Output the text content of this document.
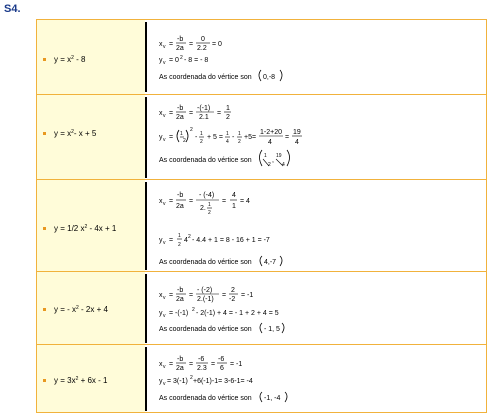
S4.
$y = x^2 - 8$
x v =
-b
2a
=
0
2.2
= 0
y v = 0 2 - 8 = - 8
As coordenada do vértice son 0,-8
$y = x^2-$ x + 5
x v =
-b
2a
=
-(-1)
2.1
=
1
2
y v = 1
2
2
- 1
2
+ 5 = 1
4
- 1
2
+5=
1-2+20
4
=
19
4
As coordenada do vértice son
1
2
,
19
4
y = 1/2 $x^2 - 4x + 1$
x v =
-b
2a
=
- (-4)
2. 1
2
=
4
1
= 4
y v =
1
2
4 2 - 4.4 + 1 = 8 - 16 + 1 = -7
As coordenada do vértice son 4,-7
y = - $x^2 - 2x + 4$
x v =
-b
2a
=
- (-2)
2.(-1)
=
2
-2
= -1
y v = -(-1) 2 - 2(-1) + 4 = - 1 + 2 + 4 = 5
As coordenada do vértice son - 1, 5
$y = 3x^2 + 6x - 1$
x v =
-b
2a
=
-6
2.3
=
-6
6
= -1
y v = 3(-1) 2 +6(-1)-1= 3-6-1= -4
As coordenada do vértice son -1, -4
